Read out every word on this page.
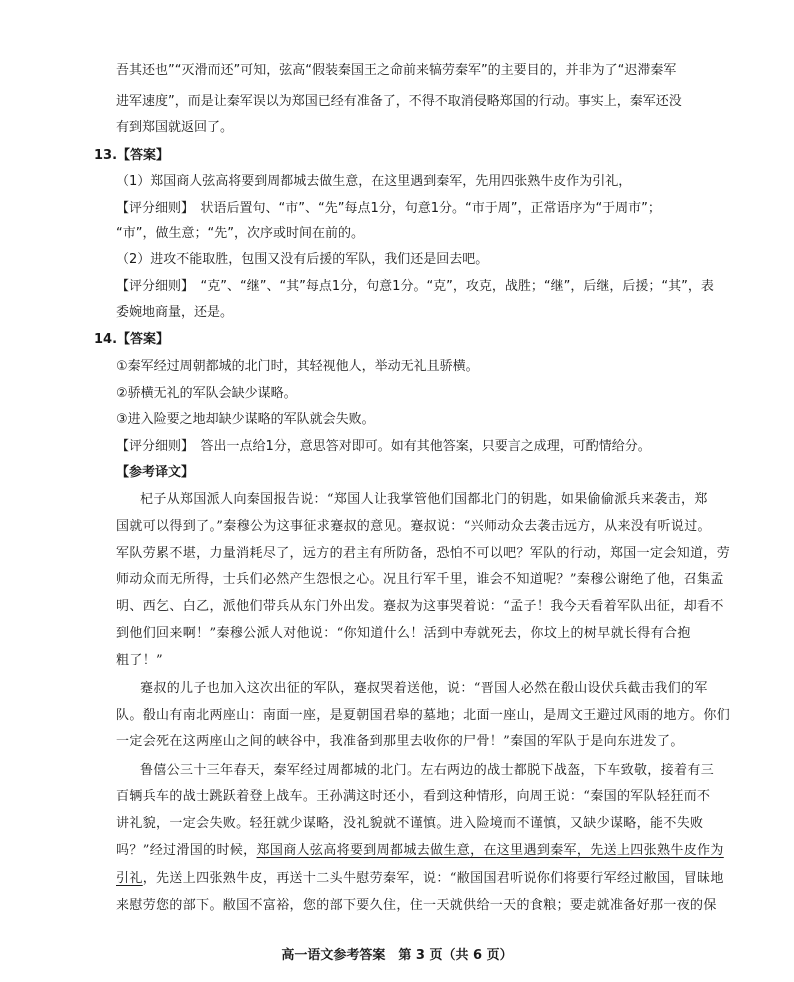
吾其还也”“灭滑而还”可知，弦高“假装秦国王之命前来犒劳秦军”的主要目的，并非为了“迟滞秦军
进军速度”，而是让秦军误以为郑国已经有准备了，不得不取消侵略郑国的行动。事实上，秦军还没
有到郑国就返回了。
13.【答案】
（1）郑国商人弦高将要到周都城去做生意，在这里遇到秦军，先用四张熟牛皮作为引礼，
【评分细则】　状语后置句、“市”、“先”每点1分，句意1分。“市于周”，正常语序为“于周市”；
“市”，做生意；“先”，次序或时间在前的。
（2）进攻不能取胜，包围又没有后援的军队，我们还是回去吧。
【评分细则】　“克”、“继”、“其”每点1分，句意1分。“克”，攻克，战胜；“继”，后继，后援；“其”，表
委婉地商量，还是。
14.【答案】
①秦军经过周朝都城的北门时，其轻视他人，举动无礼且骄横。
②骄横无礼的军队会缺少谋略。
③进入险要之地却缺少谋略的军队就会失败。
【评分细则】　答出一点给1分，意思答对即可。如有其他答案，只要言之成理，可酌情给分。
【参考译文】
杞子从郑国派人向秦国报告说：“郑国人让我掌管他们国都北门的钥匙，如果偷偷派兵来袭击，郑
国就可以得到了。”秦穆公为这事征求蹇叔的意见。蹇叔说：“兴师动众去袭击远方，从来没有听说过。
军队劳累不堪，力量消耗尽了，远方的君主有所防备，恐怕不可以吧？军队的行动，郑国一定会知道，劳
师动众而无所得，士兵们必然产生怨恨之心。况且行军千里，谁会不知道呢？”秦穆公谢绝了他，召集孟
明、西乞、白乙，派他们带兵从东门外出发。蹇叔为这事哭着说：“孟子！我今天看着军队出征，却看不
到他们回来啊！”秦穆公派人对他说：“你知道什么！活到中寿就死去，你坟上的树早就长得有合抱
粗了！”
蹇叔的儿子也加入这次出征的军队，蹇叔哭着送他，说：“晋国人必然在殽山设伏兵截击我们的军
队。殽山有南北两座山：南面一座，是夏朝国君皋的墓地；北面一座山，是周文王避过风雨的地方。你们
一定会死在这两座山之间的峡谷中，我准备到那里去收你的尸骨！”秦国的军队于是向东进发了。
鲁僖公三十三年春天，秦军经过周都城的北门。左右两边的战士都脱下战盔，下车致敬，接着有三
百辆兵车的战士跳跃着登上战车。王孙满这时还小，看到这种情形，向周王说：“秦国的军队轻狂而不
讲礼貌，一定会失败。轻狂就少谋略，没礼貌就不谨慎。进入险境而不谨慎，又缺少谋略，能不失败
吗？”经过滑国的时候，郑国商人弦高将要到周都城去做生意，在这里遇到秦军，先送上四张熟牛皮作为
引礼，先送上四张熟牛皮，再送十二头牛慰劳秦军，说：“敝国国君听说你们将要行军经过敝国，冒昧地
来慰劳您的部下。敝国不富裕，您的部下要久住，住一天就供给一天的食粮；要走就准备好那一夜的保
高一语文参考答案　第 3 页（共 6 页）
